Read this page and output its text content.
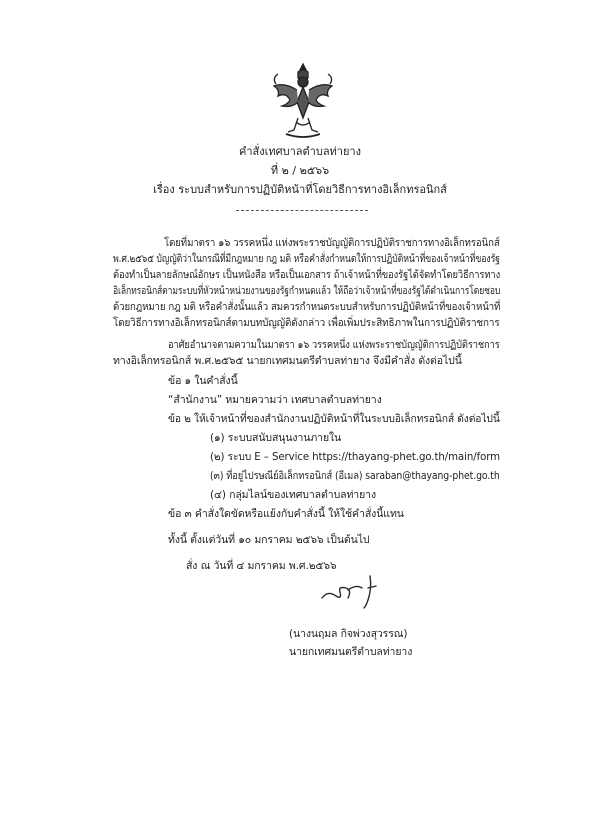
คำสั่งเทศบาลตำบลท่ายาง
ที่ ๒ / ๒๕๖๖
เรื่อง ระบบสำหรับการปฏิบัติหน้าที่โดยวิธีการทางอิเล็กทรอนิกส์
โดยที่มาตรา ๑๖ วรรคหนึ่ง แห่งพระราชบัญญัติการปฏิบัติราชการทางอิเล็กทรอนิกส์
พ.ศ.๒๕๖๕ บัญญัติว่าในกรณีที่มีกฎหมาย กฎ มติ หรือคำสั่งกำหนดให้การปฏิบัติหน้าที่ของเจ้าหน้าที่ของรัฐ
ต้องทำเป็นลายลักษณ์อักษร เป็นหนังสือ หรือเป็นเอกสาร ถ้าเจ้าหน้าที่ของรัฐได้จัดทำโดยวิธีการทาง
อิเล็กทรอนิกส์ตามระบบที่หัวหน้าหน่วยงานของรัฐกำหนดแล้ว ให้ถือว่าเจ้าหน้าที่ของรัฐได้ดำเนินการโดยชอบ
ด้วยกฎหมาย กฎ มติ หรือคำสั่งนั้นแล้ว สมควรกำหนดระบบสำหรับการปฏิบัติหน้าที่ของเจ้าหน้าที่
โดยวิธีการทางอิเล็กทรอนิกส์ตามบทบัญญัติดังกล่าว เพื่อเพิ่มประสิทธิภาพในการปฏิบัติราชการ
อาศัยอำนาจตามความในมาตรา ๑๖ วรรคหนึ่ง แห่งพระราชบัญญัติการปฏิบัติราชการ
ทางอิเล็กทรอนิกส์ พ.ศ.๒๕๖๕ นายกเทศมนตรีตำบลท่ายาง จึงมีคำสั่ง ดังต่อไปนี้
ข้อ ๑ ในคำสั่งนี้
“สำนักงาน” หมายความว่า เทศบาลตำบลท่ายาง
ข้อ ๒ ให้เจ้าหน้าที่ของสำนักงานปฏิบัติหน้าที่ในระบบอิเล็กทรอนิกส์ ดังต่อไปนี้
(๑) ระบบสนับสนุนงานภายใน
(๒) ระบบ E – Service https://thayang-phet.go.th/main/form
(๓) ที่อยู่ไปรษณีย์อิเล็กทรอนิกส์ (อีเมล) saraban@thayang-phet.go.th
(๔) กลุ่มไลน์ของเทศบาลตำบลท่ายาง
ข้อ ๓ คำสั่งใดขัดหรือแย้งกับคำสั่งนี้ ให้ใช้คำสั่งนี้แทน
ทั้งนี้ ตั้งแต่วันที่ ๑๐ มกราคม ๒๕๖๖ เป็นต้นไป
สั่ง ณ วันที่ ๔ มกราคม พ.ศ.๒๕๖๖
(นางนฤมล กิจพ่วงสุวรรณ)
นายกเทศมนตรีตำบลท่ายาง
